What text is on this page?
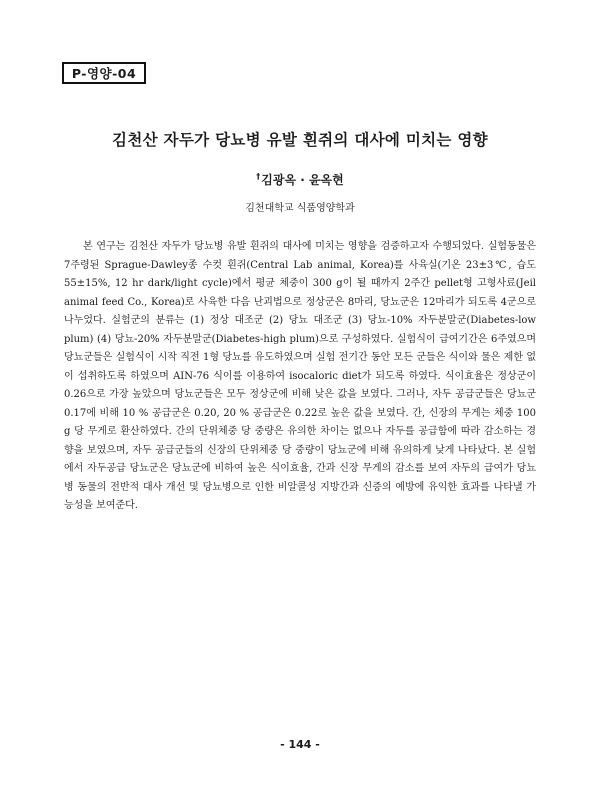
P-영양-04
김천산 자두가 당뇨병 유발 흰쥐의 대사에 미치는 영향
†김광옥 · 윤옥현
김천대학교 식품영양학과

본 연구는 김천산 자두가 당뇨병 유발 흰쥐의 대사에 미치는 영향을 검증하고자 수행되었다. 실험동물은 7주령된 Sprague-Dawley종 수컷 흰쥐(Central Lab animal, Korea)를 사육실(기온 23±3℃, 습도 55±15%, 12 hr dark/light cycle)에서 평균 체중이 300 g이 될 때까지 2주간 pellet형 고형사료(Jeil animal feed Co., Korea)로 사육한 다음 난괴법으로 정상군은 8마리, 당뇨군은 12마리가 되도록 4군으로 나누었다. 실험군의 분류는 (1) 정상 대조군 (2) 당뇨 대조군 (3) 당뇨-10% 자두분말군(Diabetes-low plum) (4) 당뇨-20% 자두분말군(Diabetes-high plum)으로 구성하였다. 실험식이 급여기간은 6주였으며 당뇨군들은 실험식이 시작 직전 1형 당뇨를 유도하였으며 실험 전기간 동안 모든 군들은 식이와 물은 제한 없이 섭취하도록 하였으며 AIN-76 식이를 이용하여 isocaloric diet가 되도록 하였다. 식이효율은 정상군이 0.26으로 가장 높았으며 당뇨군들은 모두 정상군에 비해 낮은 값을 보였다. 그러나, 자두 공급군들은 당뇨군 0.17에 비해 10 % 공급군은 0.20, 20 % 공급군은 0.22로 높은 값을 보였다. 간, 신장의 무게는 체중 100 g 당 무게로 환산하였다. 간의 단위체중 당 중량은 유의한 차이는 없으나 자두를 공급함에 따라 감소하는 경향을 보였으며, 자두 공급군들의 신장의 단위체중 당 중량이 당뇨군에 비해 유의하게 낮게 나타났다. 본 실험에서 자두공급 당뇨군은 당뇨군에 비하여 높은 식이효율, 간과 신장 무게의 감소를 보여 자두의 급여가 당뇨병 동물의 전반적 대사 개선 및 당뇨병으로 인한 비알콜성 지방간과 신증의 예방에 유익한 효과를 나타낼 가능성을 보여준다.

- 144 -
